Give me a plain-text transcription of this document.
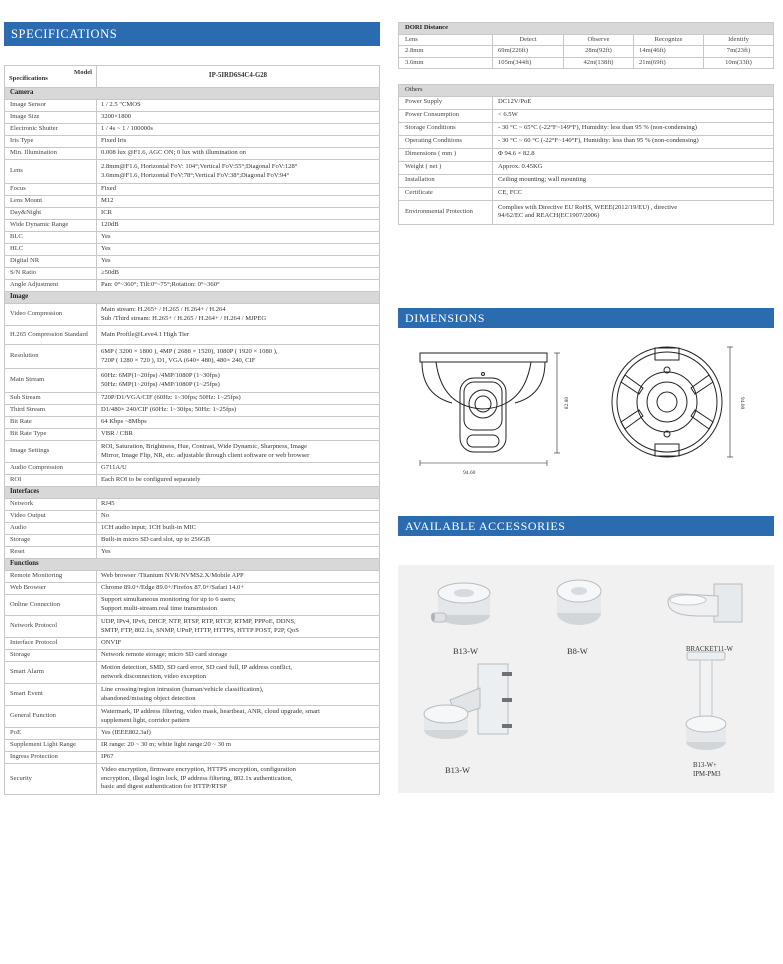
SPECIFICATIONS
Model
Specifications	IP-5IRD6S4C4-G28
Camera	
Image Sensor	1 / 2.5 "CMOS
Image Size	3200×1800
Electronic Shutter	1 / 4s ~ 1 / 100000s
Iris Type	Fixed Iris
Min. Illumination	0.008 lux @F1.6, AGC ON; 0 lux with illumination on
Lens	2.8mm@F1.6, Horizontal FoV: 104°;Vertical FoV:55°;Diagonal FoV:128°
3.6mm@F1.6, Horizontal FoV:78°;Vertical FoV:38°;Diagonal FoV:94°

Focus	Fixed
Lens Mount	M12
Day&Night	ICR
Wide Dynamic Range	120dB
BLC	Yes
HLC	Yes
Digital NR	Yes
S/N Ratio	≥50dB
Angle Adjustment	Pan: 0°~360°; Tilt:0°~75°;Rotation: 0°~360°
Image	
Video Compression	Main stream: H.265+ / H.265 / H.264+ / H.264
Sub /Third stream: H.265+ / H.265 / H.264+ / H.264 / MJPEG

H.265 Compression Standard	Main Profile@Leve4.1 High Tier
Resolution	6MP ( 3200 × 1800 ), 4MP ( 2688 × 1520), 1080P ( 1920 × 1080 ),
720P ( 1280 × 720 ), D1, VGA (640× 480), 480× 240, CIF

Main Stream	60Hz: 6MP(1~20fps) /4MP/1080P (1~30fps)
50Hz: 6MP(1~20fps) /4MP/1080P (1~25fps)

Sub Stream	720P/D1/VGA/CIF (60Hz: 1~30fps; 50Hz: 1~25fps)
Third Stream	D1/480× 240/CIF (60Hz: 1~30fps; 50Hz: 1~25fps)
Bit Rate	64 Kbps ~8Mbps
Bit Rate Type	VBR / CBR
Image Settings	ROI, Saturation, Brightness, Hue, Contrast, Wide Dynamic, Sharpness, Image
Mirror, Image Flip, NR, etc. adjustable through client software or web browser

Audio Compression	G711A/U
ROI	Each ROI to be configured separately
Interfaces	
Network	RJ45
Video Output	No
Audio	1CH audio input; 1CH built-in MIC
Storage	Built-in micro SD card slot, up to 256GB
Reset	Yes
Functions	
Remote Monitoring	Web browser /Titanium NVR/NVMS2.X/Mobile APP
Web Browser	Chrome 89.0+/Edge 89.0+/Firefox 87.0+/Safari 14.0+
Online Connection	Support simultaneous monitoring for up to 6 users;
Support multi-stream real time transmission

Network Protocol	UDP, IPv4, IPv6, DHCP, NTP, RTSP, RTP, RTCP, RTMP, PPPoE, DDNS,
SMTP, FTP, 802.1x, SNMP, UPnP, HTTP, HTTPS, HTTP POST, P2P, QoS

Interface Protocol	ONVIF
Storage	Network remote storage; micro SD card storage
Smart Alarm	Motion detection, SMD, SD card error, SD card full, IP address conflict,
network disconnection, video exception

Smart Event	Line crossing/region intrusion (human/vehicle classification),
abandoned/missing object detection

General Function	Watermark, IP address filtering, video mask, heartbeat, ANR, cloud upgrade, smart
supplement light, corridor pattern

PoE	Yes (IEEE802.3af)
Supplement Light Range	IR range: 20 ~ 30 m; white light range:20 ~ 30 m
Ingress Protection	IP67
Security	Video encryption, firmware encryption, HTTPS encryption, configuration
encryption, illegal login lock, IP address filtering, 802.1x authentication,
basic and digest authentication for HTTP/RTSP
DORI Distance				
Lens	Detect	Observe	Recognize	Identify
2.8mm	69m(226ft)	28m(92ft)	14m(46ft)	7m(23ft)
3.6mm	105m(344ft)	42m(138ft)	21m(69ft)	10m(33ft)
Others	
Power Supply	DC12V/PoE
Power Consumption	< 6.5W
Storage Conditions	- 30 °C ~ 65°C (-22°F~149°F), Humidity: less than 95 % (non-condensing)
Operating Conditions	- 30 °C ~ 60 °C (-22°F~140°F), Humidity: less than 95 % (non-condensing)
Dimensions ( mm )	Φ 94.6 × 82.8
Weight ( net )	Approx. 0.45KG
Installation	Ceiling mounting; wall mounting
Certificate	CE, FCC
Environmental Protection	Complies with Directive EU RoHS, WEEE(2012/19/EU) , directive
94/62/EC and REACH(EC1907/2006)
DIMENSIONS
94.60
82.80	94.00
AVAILABLE ACCESSORIES
B13-W	B8-W	BRACKET11-W
B13-W	B13-W+
IPM-PM3
